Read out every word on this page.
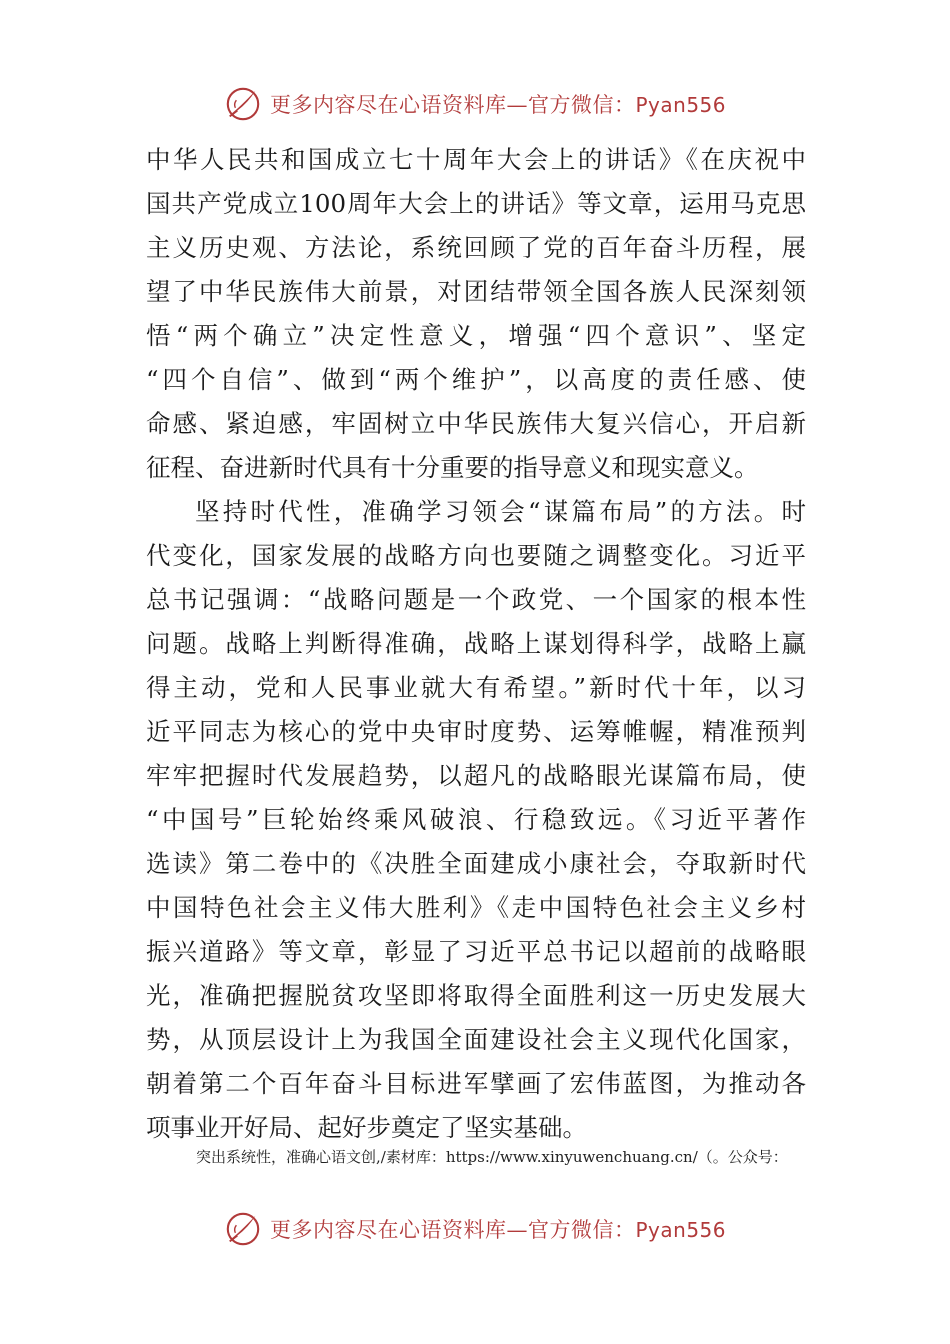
更多内容尽在心语资料库—官方微信：Pyan556
中华人民共和国成立七十周年大会上的讲话》《在庆祝中
国共产党成立100周年大会上的讲话》等文章，运用马克思
主义历史观、方法论，系统回顾了党的百年奋斗历程，展
望了中华民族伟大前景，对团结带领全国各族人民深刻领
悟“两个确立”决定性意义，增强“四个意识”、坚定
“四个自信”、做到“两个维护”，以高度的责任感、使
命感、紧迫感，牢固树立中华民族伟大复兴信心，开启新
征程、奋进新时代具有十分重要的指导意义和现实意义。
坚持时代性，准确学习领会“谋篇布局”的方法。时
代变化，国家发展的战略方向也要随之调整变化。习近平
总书记强调：“战略问题是一个政党、一个国家的根本性
问题。战略上判断得准确，战略上谋划得科学，战略上赢
得主动，党和人民事业就大有希望。”新时代十年，以习
近平同志为核心的党中央审时度势、运筹帷幄，精准预判
牢牢把握时代发展趋势，以超凡的战略眼光谋篇布局，使
“中国号”巨轮始终乘风破浪、行稳致远。《习近平著作
选读》第二卷中的《决胜全面建成小康社会，夺取新时代
中国特色社会主义伟大胜利》《走中国特色社会主义乡村
振兴道路》等文章，彰显了习近平总书记以超前的战略眼
光，准确把握脱贫攻坚即将取得全面胜利这一历史发展大
势，从顶层设计上为我国全面建设社会主义现代化国家，
朝着第二个百年奋斗目标进军擘画了宏伟蓝图，为推动各
项事业开好局、起好步奠定了坚实基础。
突出系统性，准确心语文创,/素材库：https://www.xinyuwenchuang.cn/（。公众号：
更多内容尽在心语资料库—官方微信：Pyan556
